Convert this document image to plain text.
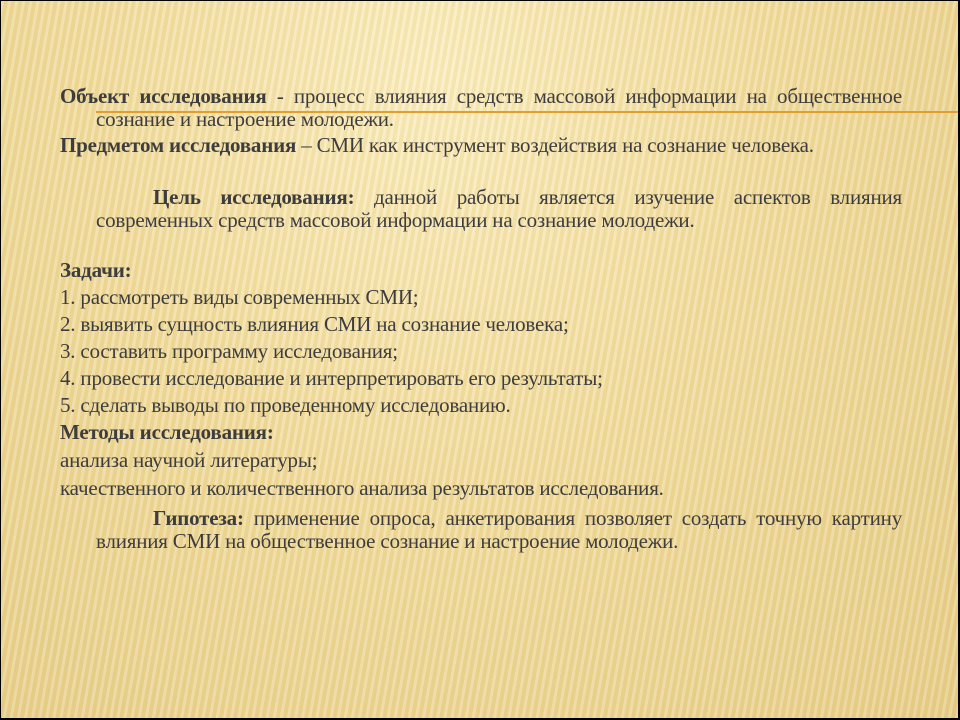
Объект исследования - процесс влияния средств массовой информации на общественное сознание и настроение молодежи.
Предметом исследования – СМИ как инструмент воздействия на сознание человека.
Цель исследования: данной работы является изучение аспектов влияния современных средств массовой информации на сознание молодежи.
Задачи:
1. рассмотреть виды современных СМИ;
2. выявить сущность влияния СМИ на сознание человека;
3. составить программу исследования;
4. провести исследование и интерпретировать его результаты;
5. сделать выводы по проведенному исследованию.
Методы исследования:
анализа научной литературы;
качественного и количественного анализа результатов исследования.
Гипотеза: применение опроса, анкетирования позволяет создать точную картину влияния СМИ на общественное сознание и настроение молодежи.
